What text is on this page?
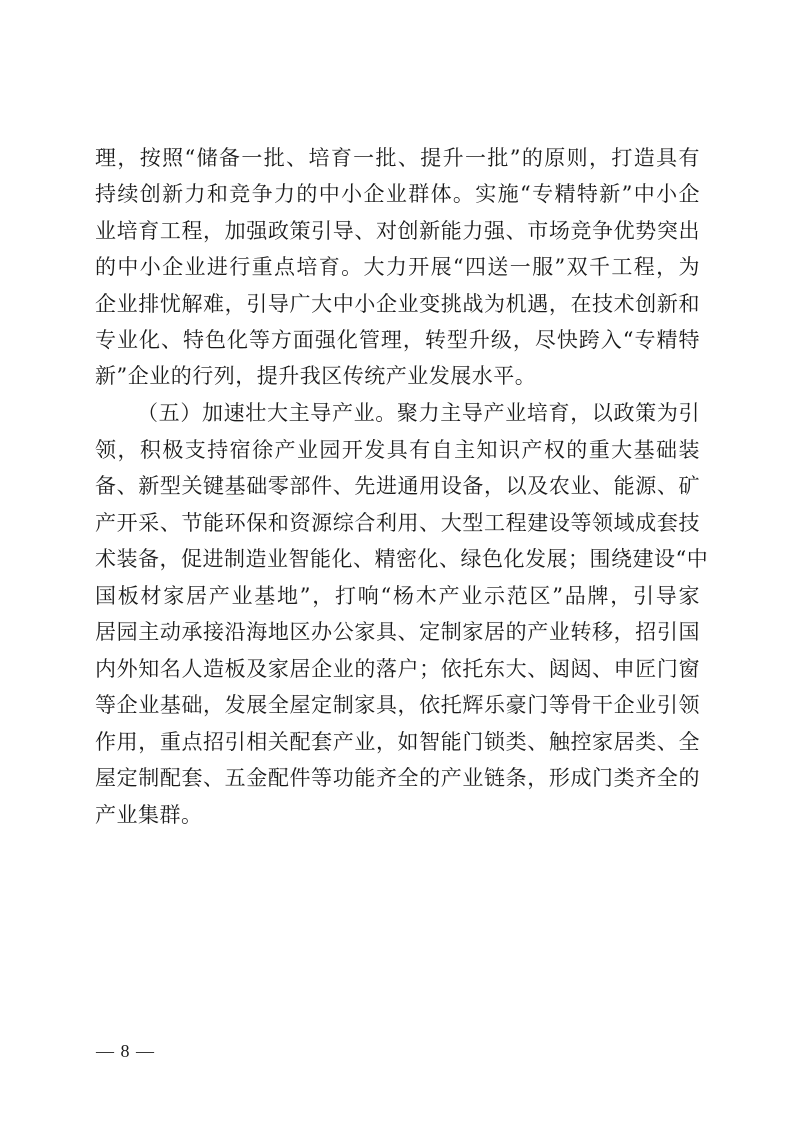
理，按照“储备一批、培育一批、提升一批”的原则，打造具有
持续创新力和竞争力的中小企业群体。实施“专精特新”中小企
业培育工程，加强政策引导、对创新能力强、市场竞争优势突出
的中小企业进行重点培育。大力开展“四送一服”双千工程，为
企业排忧解难，引导广大中小企业变挑战为机遇，在技术创新和
专业化、特色化等方面强化管理，转型升级，尽快跨入“专精特
新”企业的行列，提升我区传统产业发展水平。
（五）加速壮大主导产业。聚力主导产业培育，以政策为引
领，积极支持宿徐产业园开发具有自主知识产权的重大基础装
备、新型关键基础零部件、先进通用设备，以及农业、能源、矿
产开采、节能环保和资源综合利用、大型工程建设等领域成套技
术装备，促进制造业智能化、精密化、绿色化发展；围绕建设“中
国板材家居产业基地”，打响“杨木产业示范区”品牌，引导家
居园主动承接沿海地区办公家具、定制家居的产业转移，招引国
内外知名人造板及家居企业的落户；依托东大、闼闼、申匠门窗
等企业基础，发展全屋定制家具，依托辉乐豪门等骨干企业引领
作用，重点招引相关配套产业，如智能门锁类、触控家居类、全
屋定制配套、五金配件等功能齐全的产业链条，形成门类齐全的
产业集群。
— 8 —
